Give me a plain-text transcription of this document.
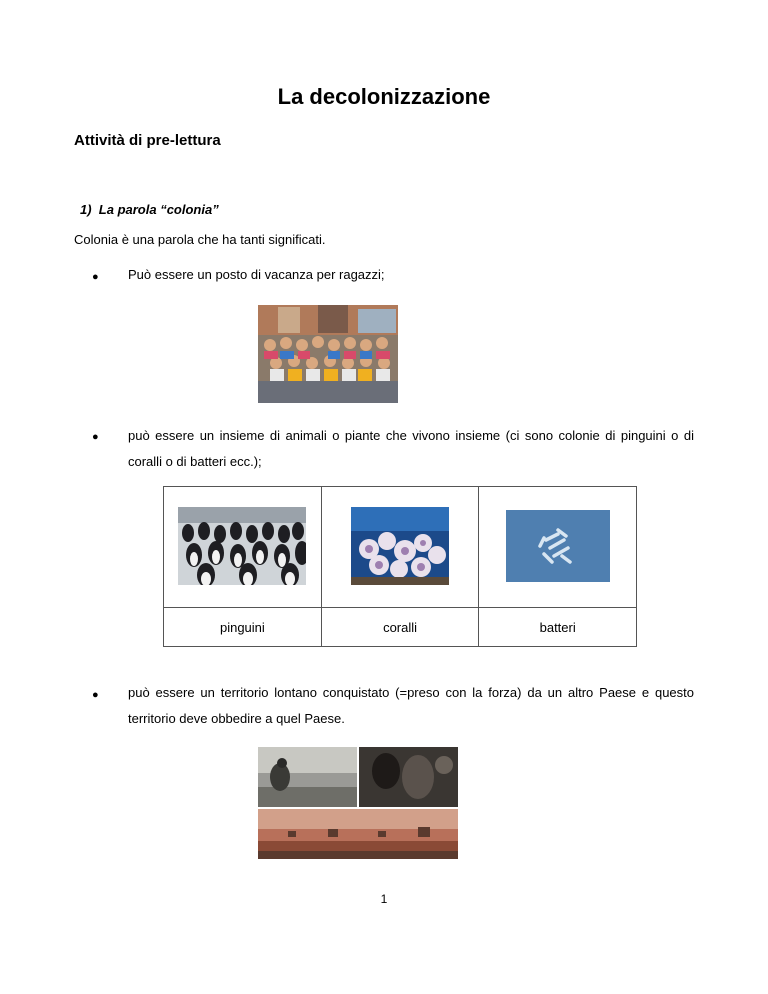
La decolonizzazione
Attività di pre-lettura
1) La parola “colonia”
Colonia è una parola che ha tanti significati.
● Può essere un posto di vacanza per ragazzi;
● può essere un insieme di animali o piante che vivono insieme (ci sono colonie di pinguini o di coralli o di batteri ecc.);

pinguini	coralli	batteri
● può essere un territorio lontano conquistato (=preso con la forza) da un altro Paese e questo territorio deve obbedire a quel Paese.
1
